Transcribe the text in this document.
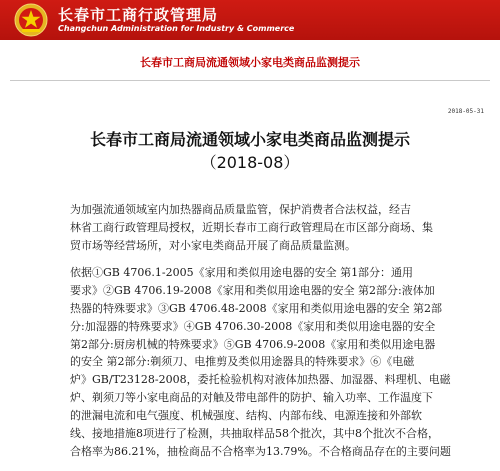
长春市工商行政管理局
Changchun Administration for Industry & Commerce
长春市工商局流通领域小家电类商品监测提示
2018-05-31
长春市工商局流通领域小家电类商品监测提示
（2018-08）
为加强流通领域室内加热器商品质量监管，保护消费者合法权益，经吉
林省工商行政管理局授权，近期长春市工商行政管理局在市区部分商场、集
贸市场等经营场所，对小家电类商品开展了商品质量监测。
依据①GB 4706.1-2005《家用和类似用途电器的安全 第1部分：通用
要求》②GB 4706.19-2008《家用和类似用途电器的安全 第2部分:液体加
热器的特殊要求》③GB 4706.48-2008《家用和类似用途电器的安全 第2部
分:加湿器的特殊要求》④GB 4706.30-2008《家用和类似用途电器的安全
第2部分:厨房机械的特殊要求》⑤GB 4706.9-2008《家用和类似用途电器
的安全 第2部分:剃须刀、电推剪及类似用途器具的特殊要求》⑥《电磁
炉》GB/T23128-2008，委托检验机构对液体加热器、加湿器、料理机、电磁
炉、剃须刀等小家电商品的对触及带电部件的防护、输入功率、工作温度下
的泄漏电流和电气强度、机械强度、结构、内部布线、电源连接和外部软
线、接地措施8项进行了检测，共抽取样品58个批次，其中8个批次不合格，
合格率为86.21%，抽检商品不合格率为13.79%。不合格商品存在的主要问题
